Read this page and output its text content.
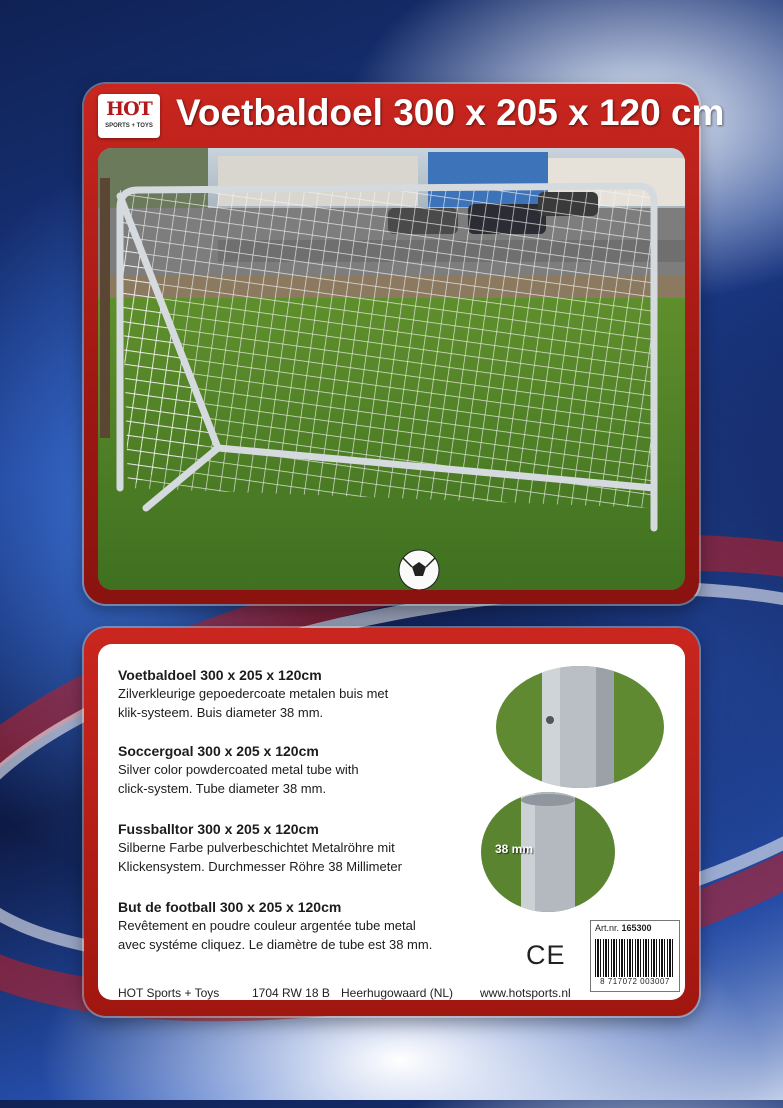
HOT
SPORTS + TOYS Voetbaldoel 300 x 205 x 120 cm
Voetbaldoel 300 x 205 x 120cm

Zilverkleurige gepoedercoate metalen buis met

klik-systeem. Buis diameter 38 mm.

Soccergoal 300 x 205 x 120cm

Silver color powdercoated metal tube with

click-system. Tube diameter 38 mm.

Fussballtor 300 x 205 x 120cm

Silberne Farbe pulverbeschichtet Metalröhre mit

Klickensystem. Durchmesser Röhre 38 Millimeter

But de football 300 x 205 x 120cm

Revêtement en poudre couleur argentée tube metal

avec systéme cliquez. Le diamètre de tube est 38 mm.

38 mm
CE
Art.nr. 165300
8 717072 003007
HOT Sports + Toys	1704 RW 18 B Heerhugowaard (NL) www.hotsports.nl
